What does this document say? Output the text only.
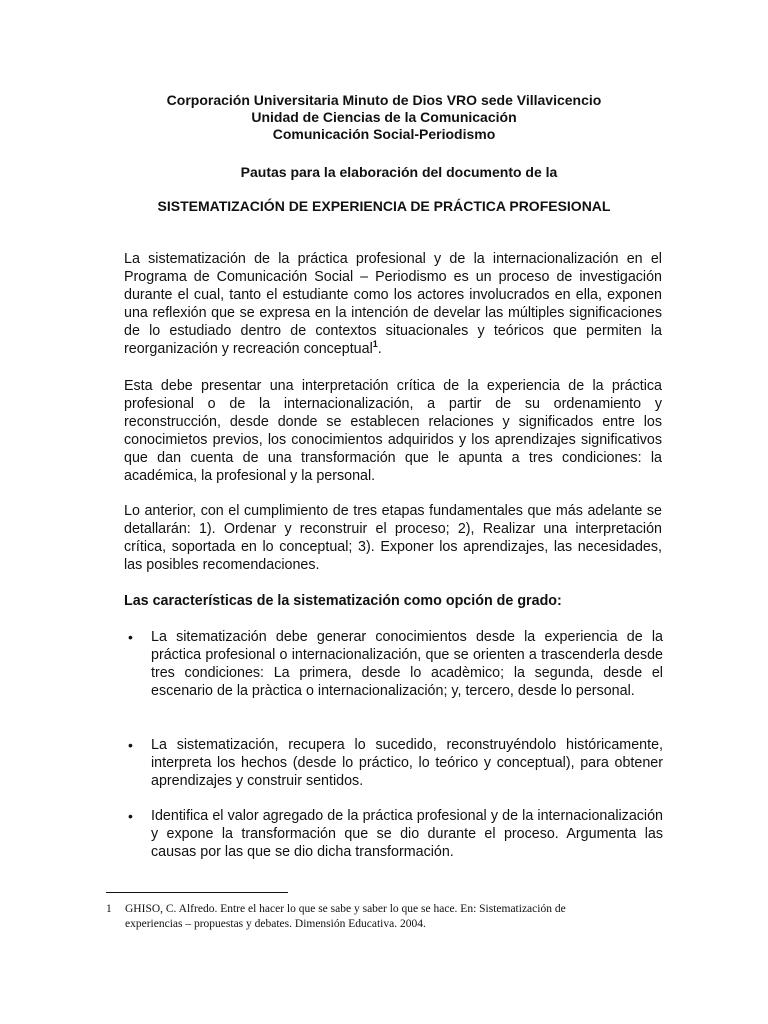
Corporación Universitaria Minuto de Dios VRO sede Villavicencio
Unidad de Ciencias de la Comunicación
Comunicación Social-Periodismo
Pautas para la elaboración del documento de la
SISTEMATIZACIÓN DE EXPERIENCIA DE PRÁCTICA PROFESIONAL

La sistematización de la práctica profesional y de la internacionalización en el Programa de Comunicación Social – Periodismo es un proceso de investigación durante el cual, tanto el estudiante como los actores involucrados en ella, exponen una reflexión que se expresa en la intención de develar las múltiples significaciones de lo estudiado dentro de contextos situacionales y teóricos que permiten la reorganización y recreación conceptual$^1$.

Esta debe presentar una interpretación crítica de la experiencia de la práctica profesional o de la internacionalización, a partir de su ordenamiento y reconstrucción, desde donde se establecen relaciones y significados entre los conocimietos previos, los conocimientos adquiridos y los aprendizajes significativos que dan cuenta de una transformación que le apunta a tres condiciones: la académica, la profesional y la personal.

Lo anterior, con el cumplimiento de tres etapas fundamentales que más adelante se detallarán: 1). Ordenar y reconstruir el proceso; 2), Realizar una interpretación crítica, soportada en lo conceptual; 3). Exponer los aprendizajes, las necesidades, las posibles recomendaciones.

Las características de la sistematización como opción de grado:

•	La sitematización debe generar conocimientos desde la experiencia de la práctica profesional o internacionalización, que se orienten a trascenderla desde tres condiciones: La primera, desde lo acadèmico; la segunda, desde el escenario de la pràctica o internacionalización; y, tercero, desde lo personal.

•	La sistematización, recupera lo sucedido, reconstruyéndolo históricamente, interpreta los hechos (desde lo práctico, lo teórico y conceptual), para obtener aprendizajes y construir sentidos.

•	Identifica el valor agregado de la práctica profesional y de la internacionalización y expone la transformación que se dio durante el proceso. Argumenta las causas por las que se dio dicha transformación.

1 GHISO, C. Alfredo. Entre el hacer lo que se sabe y saber lo que se hace. En: Sistematización de experiencias – propuestas y debates. Dimensión Educativa. 2004.
